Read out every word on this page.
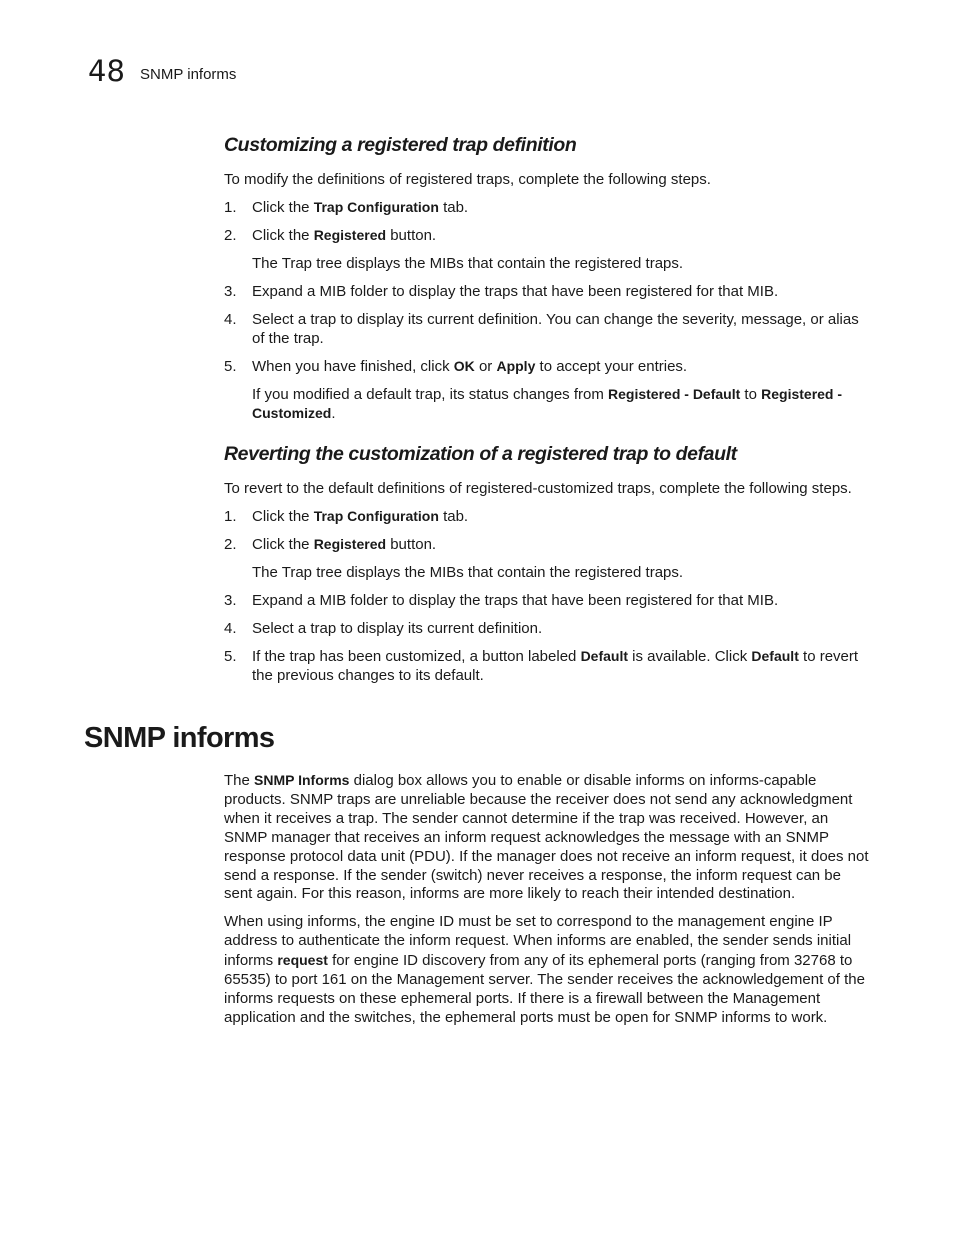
48 SNMP informs
Customizing a registered trap definition

To modify the definitions of registered traps, complete the following steps.

1. Click the Trap Configuration tab.
2. Click the Registered button.

The Trap tree displays the MIBs that contain the registered traps.

3. Expand a MIB folder to display the traps that have been registered for that MIB.
4. Select a trap to display its current definition. You can change the severity, message, or alias of the trap.
5. When you have finished, click OK or Apply to accept your entries.

If you modified a default trap, its status changes from Registered - Default to Registered - Customized.

Reverting the customization of a registered trap to default

To revert to the default definitions of registered-customized traps, complete the following steps.

1. Click the Trap Configuration tab.
2. Click the Registered button.

The Trap tree displays the MIBs that contain the registered traps.

3. Expand a MIB folder to display the traps that have been registered for that MIB.
4. Select a trap to display its current definition.
5. If the trap has been customized, a button labeled Default is available. Click Default to revert the previous changes to its default.
SNMP informs

The SNMP Informs dialog box allows you to enable or disable informs on informs-capable products. SNMP traps are unreliable because the receiver does not send any acknowledgment when it receives a trap. The sender cannot determine if the trap was received. However, an SNMP manager that receives an inform request acknowledges the message with an SNMP response protocol data unit (PDU). If the manager does not receive an inform request, it does not send a response. If the sender (switch) never receives a response, the inform request can be sent again. For this reason, informs are more likely to reach their intended destination.

When using informs, the engine ID must be set to correspond to the management engine IP address to authenticate the inform request. When informs are enabled, the sender sends initial informs request for engine ID discovery from any of its ephemeral ports (ranging from 32768 to 65535) to port 161 on the Management server. The sender receives the acknowledgement of the informs requests on these ephemeral ports. If there is a firewall between the Management application and the switches, the ephemeral ports must be open for SNMP informs to work.
